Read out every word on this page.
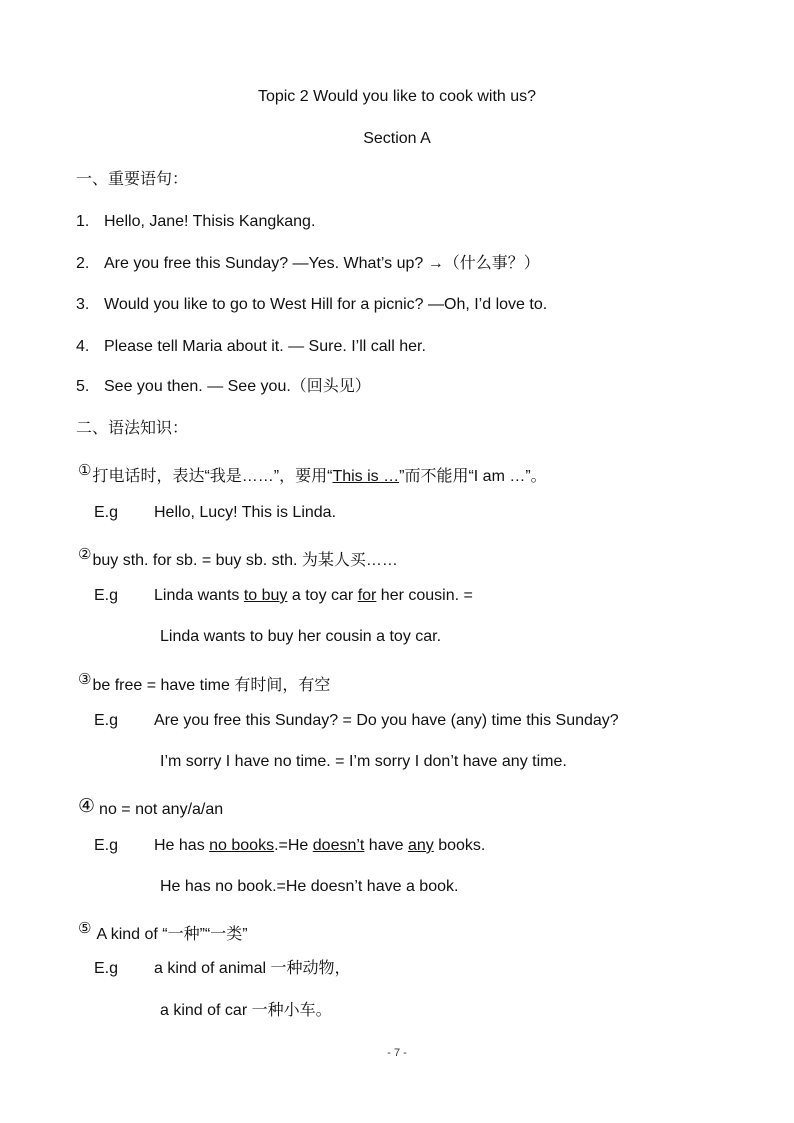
Topic 2 Would you like to cook with us?
Section A
一、重要语句：
1. Hello, Jane! Thisis Kangkang.
2. Are you free this Sunday? —Yes. What’s up? →（什么事？）
3. Would you like to go to West Hill for a picnic? —Oh, I’d love to.
4. Please tell Maria about it. — Sure. I’ll call her.
5. See you then. — See you.（回头见）
二、语法知识：
①打电话时，表达“我是……”，要用“This is …”而不能用“I am …”。
E.g Hello, Lucy! This is Linda.
②buy sth. for sb. = buy sb. sth. 为某人买……
E.g Linda wants to buy a toy car for her cousin. =
Linda wants to buy her cousin a toy car.
③be free = have time 有时间，有空
E.g Are you free this Sunday? = Do you have (any) time this Sunday?
I’m sorry I have no time. = I’m sorry I don’t have any time.
④ no = not any/a/an
E.g He has no books.=He doesn’t have any books.
He has no book.=He doesn’t have a book.
⑤ A kind of “一种”“一类”
E.g a kind of animal 一种动物，
a kind of car 一种小车。
- 7 -
